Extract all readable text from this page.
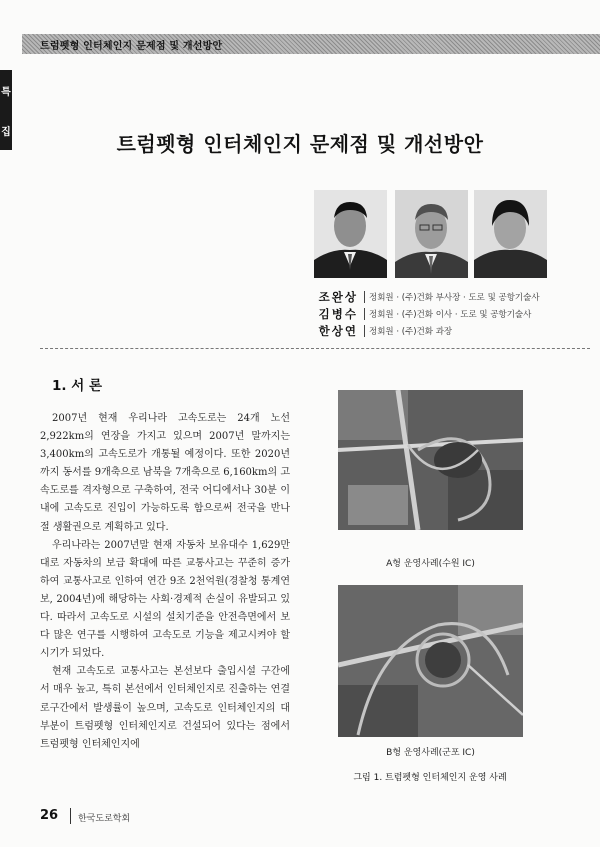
트럼펫형 인터체인지 문제점 및 개선방안
특
집	트럼펫형 인터체인지 문제점 및 개선방안
조완상	정회원 · (주)건화 부사장 · 도로 및 공항기술사
김병수	정회원 · (주)건화 이사 · 도로 및 공항기술사
한상연	정회원 · (주)건화 과장
1. 서 론

2007년 현재 우리나라 고속도로는 24개 노선 2,922km의 연장을 가지고 있으며 2007년 말까지는 3,400km의 고속도로가 개통될 예정이다. 또한 2020년까지 동서를 9개축으로 남북을 7개축으로 6,160km의 고속도로를 격자형으로 구축하여, 전국 어디에서나 30분 이내에 고속도로 진입이 가능하도록 함으로써 전국을 반나절 생활권으로 계획하고 있다.

우리나라는 2007년말 현재 자동차 보유대수 1,629만대로 자동차의 보급 확대에 따른 교통사고는 꾸준히 증가하여 교통사고로 인하여 연간 9조 2천억원(경찰청 통계연보, 2004년)에 해당하는 사회·경제적 손실이 유발되고 있다. 따라서 고속도로 시설의 설치기준을 안전측면에서 보다 많은 연구를 시행하여 고속도로 기능을 제고시켜야 할 시기가 되었다.

현재 고속도로 교통사고는 본선보다 출입시설 구간에서 매우 높고, 특히 본선에서 인터체인지로 진출하는 연결로구간에서 발생률이 높으며, 고속도로 인터체인지의 대부분이 트럼펫형 인터체인지로 건설되어 있다는 점에서 트럼펫형 인터체인지에

A형 운영사례(수원 IC)
B형 운영사례(군포 IC)
그림 1. 트럼펫형 인터체인지 운영 사례
26 한국도로학회
